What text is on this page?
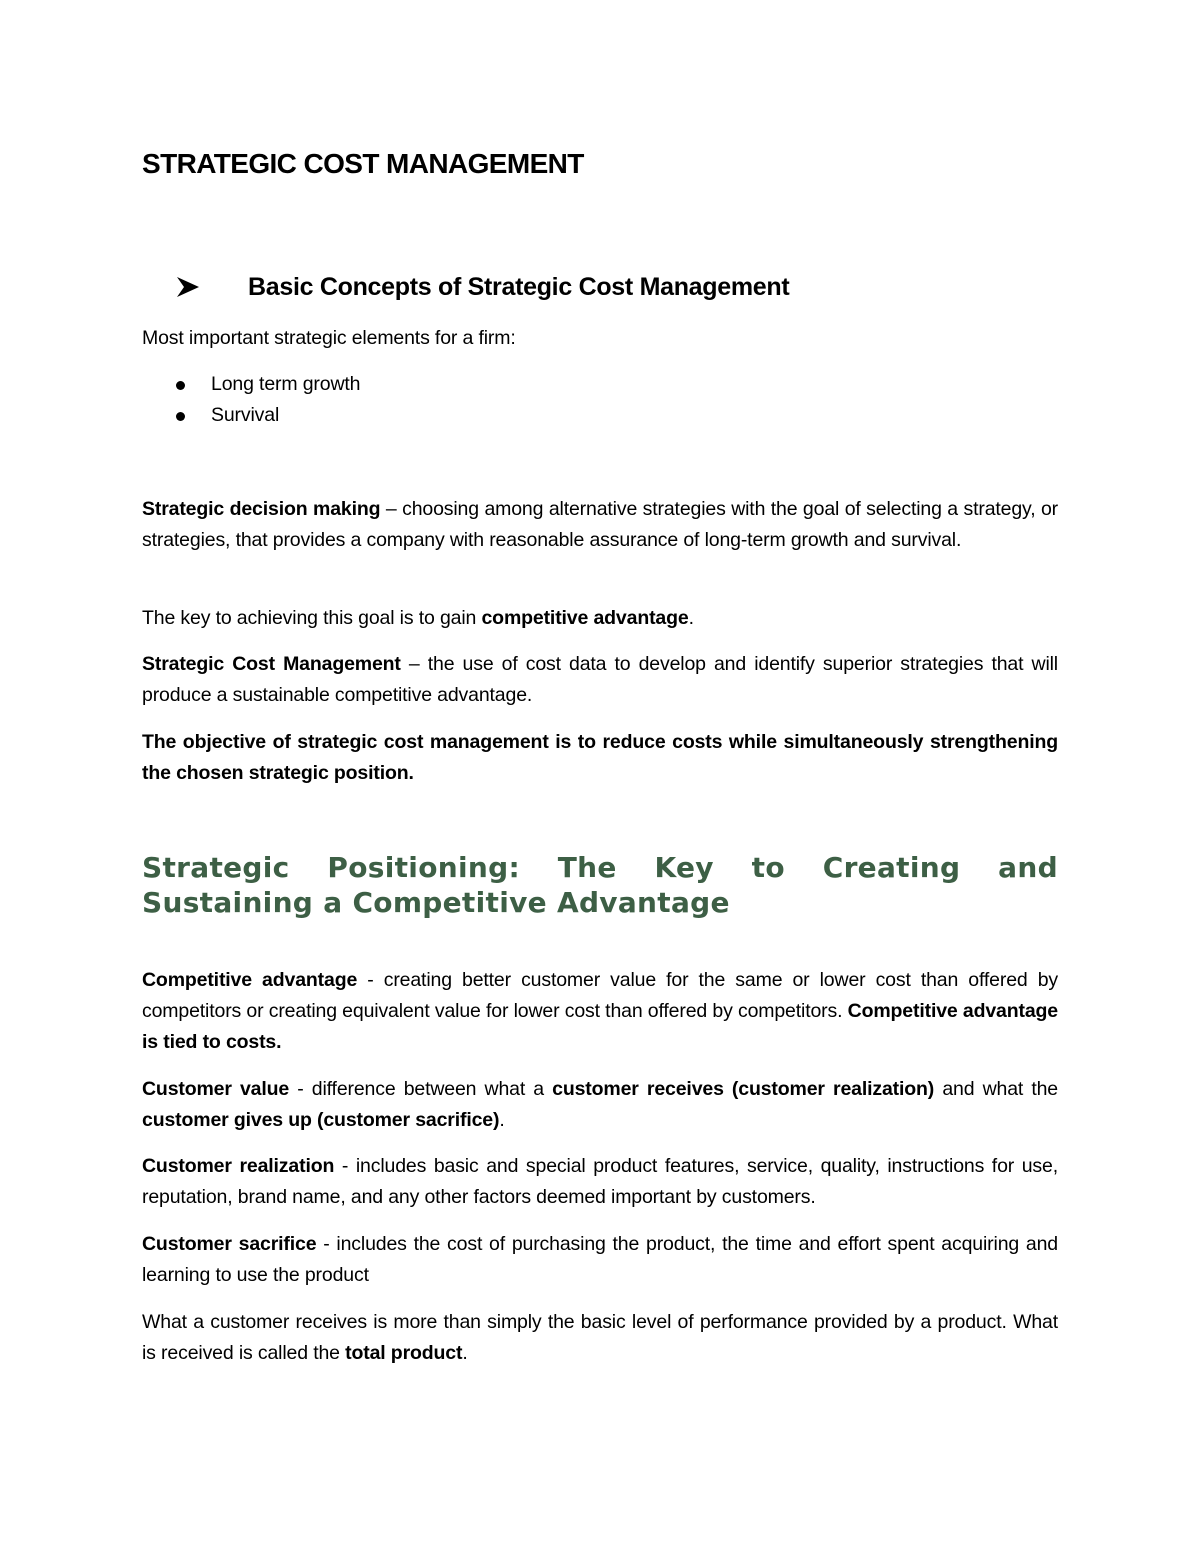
STRATEGIC COST MANAGEMENT
Basic Concepts of Strategic Cost Management

Most important strategic elements for a firm:

Long term growth
Survival

Strategic decision making – choosing among alternative strategies with the goal of selecting a strategy, or strategies, that provides a company with reasonable assurance of long-term growth and survival.

The key to achieving this goal is to gain competitive advantage.

Strategic Cost Management – the use of cost data to develop and identify superior strategies that will produce a sustainable competitive advantage.

The objective of strategic cost management is to reduce costs while simultaneously strengthening the chosen strategic position.

Strategic Positioning: The Key to Creating and
Sustaining a Competitive Advantage

Competitive advantage - creating better customer value for the same or lower cost than offered by competitors or creating equivalent value for lower cost than offered by competitors. Competitive advantage is tied to costs.

Customer value - difference between what a customer receives (customer realization) and what the customer gives up (customer sacrifice).

Customer realization - includes basic and special product features, service, quality, instructions for use, reputation, brand name, and any other factors deemed important by customers.

Customer sacrifice - includes the cost of purchasing the product, the time and effort spent acquiring and learning to use the product

What a customer receives is more than simply the basic level of performance provided by a product. What is received is called the total product.
